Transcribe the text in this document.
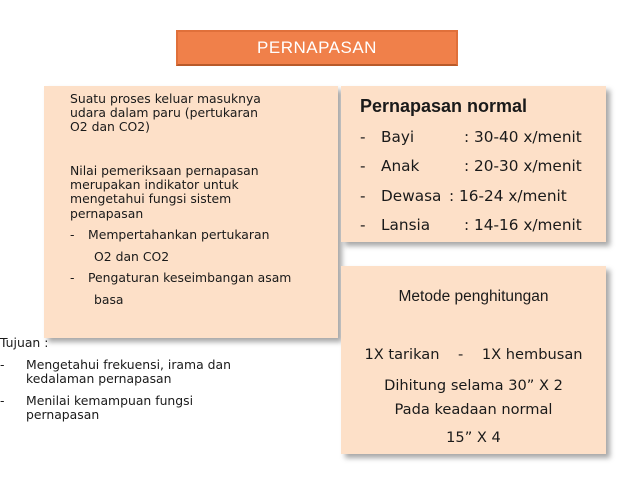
PERNAPASAN
Suatu proses keluar masuknya
udara dalam paru (pertukaran
O2 dan CO2)
Nilai pemeriksaan pernapasan
merupakan indikator untuk
mengetahui fungsi sistem
pernapasan
- Mempertahankan pertukaran
O2 dan CO2
- Pengaturan keseimbangan asam
basa
Tujuan :
- Mengetahui frekuensi, irama dan
kedalaman pernapasan
- Menilai kemampuan fungsi
pernapasan
Pernapasan normal
- Bayi	: 30-40 x/menit
- Anak	: 20-30 x/menit
- Dewasa : 16-24 x/menit
- Lansia : 14-16 x/menit
Metode penghitungan
1X tarikan    -    1X hembusan
Dihitung selama 30” X 2
Pada keadaan normal
15” X 4
